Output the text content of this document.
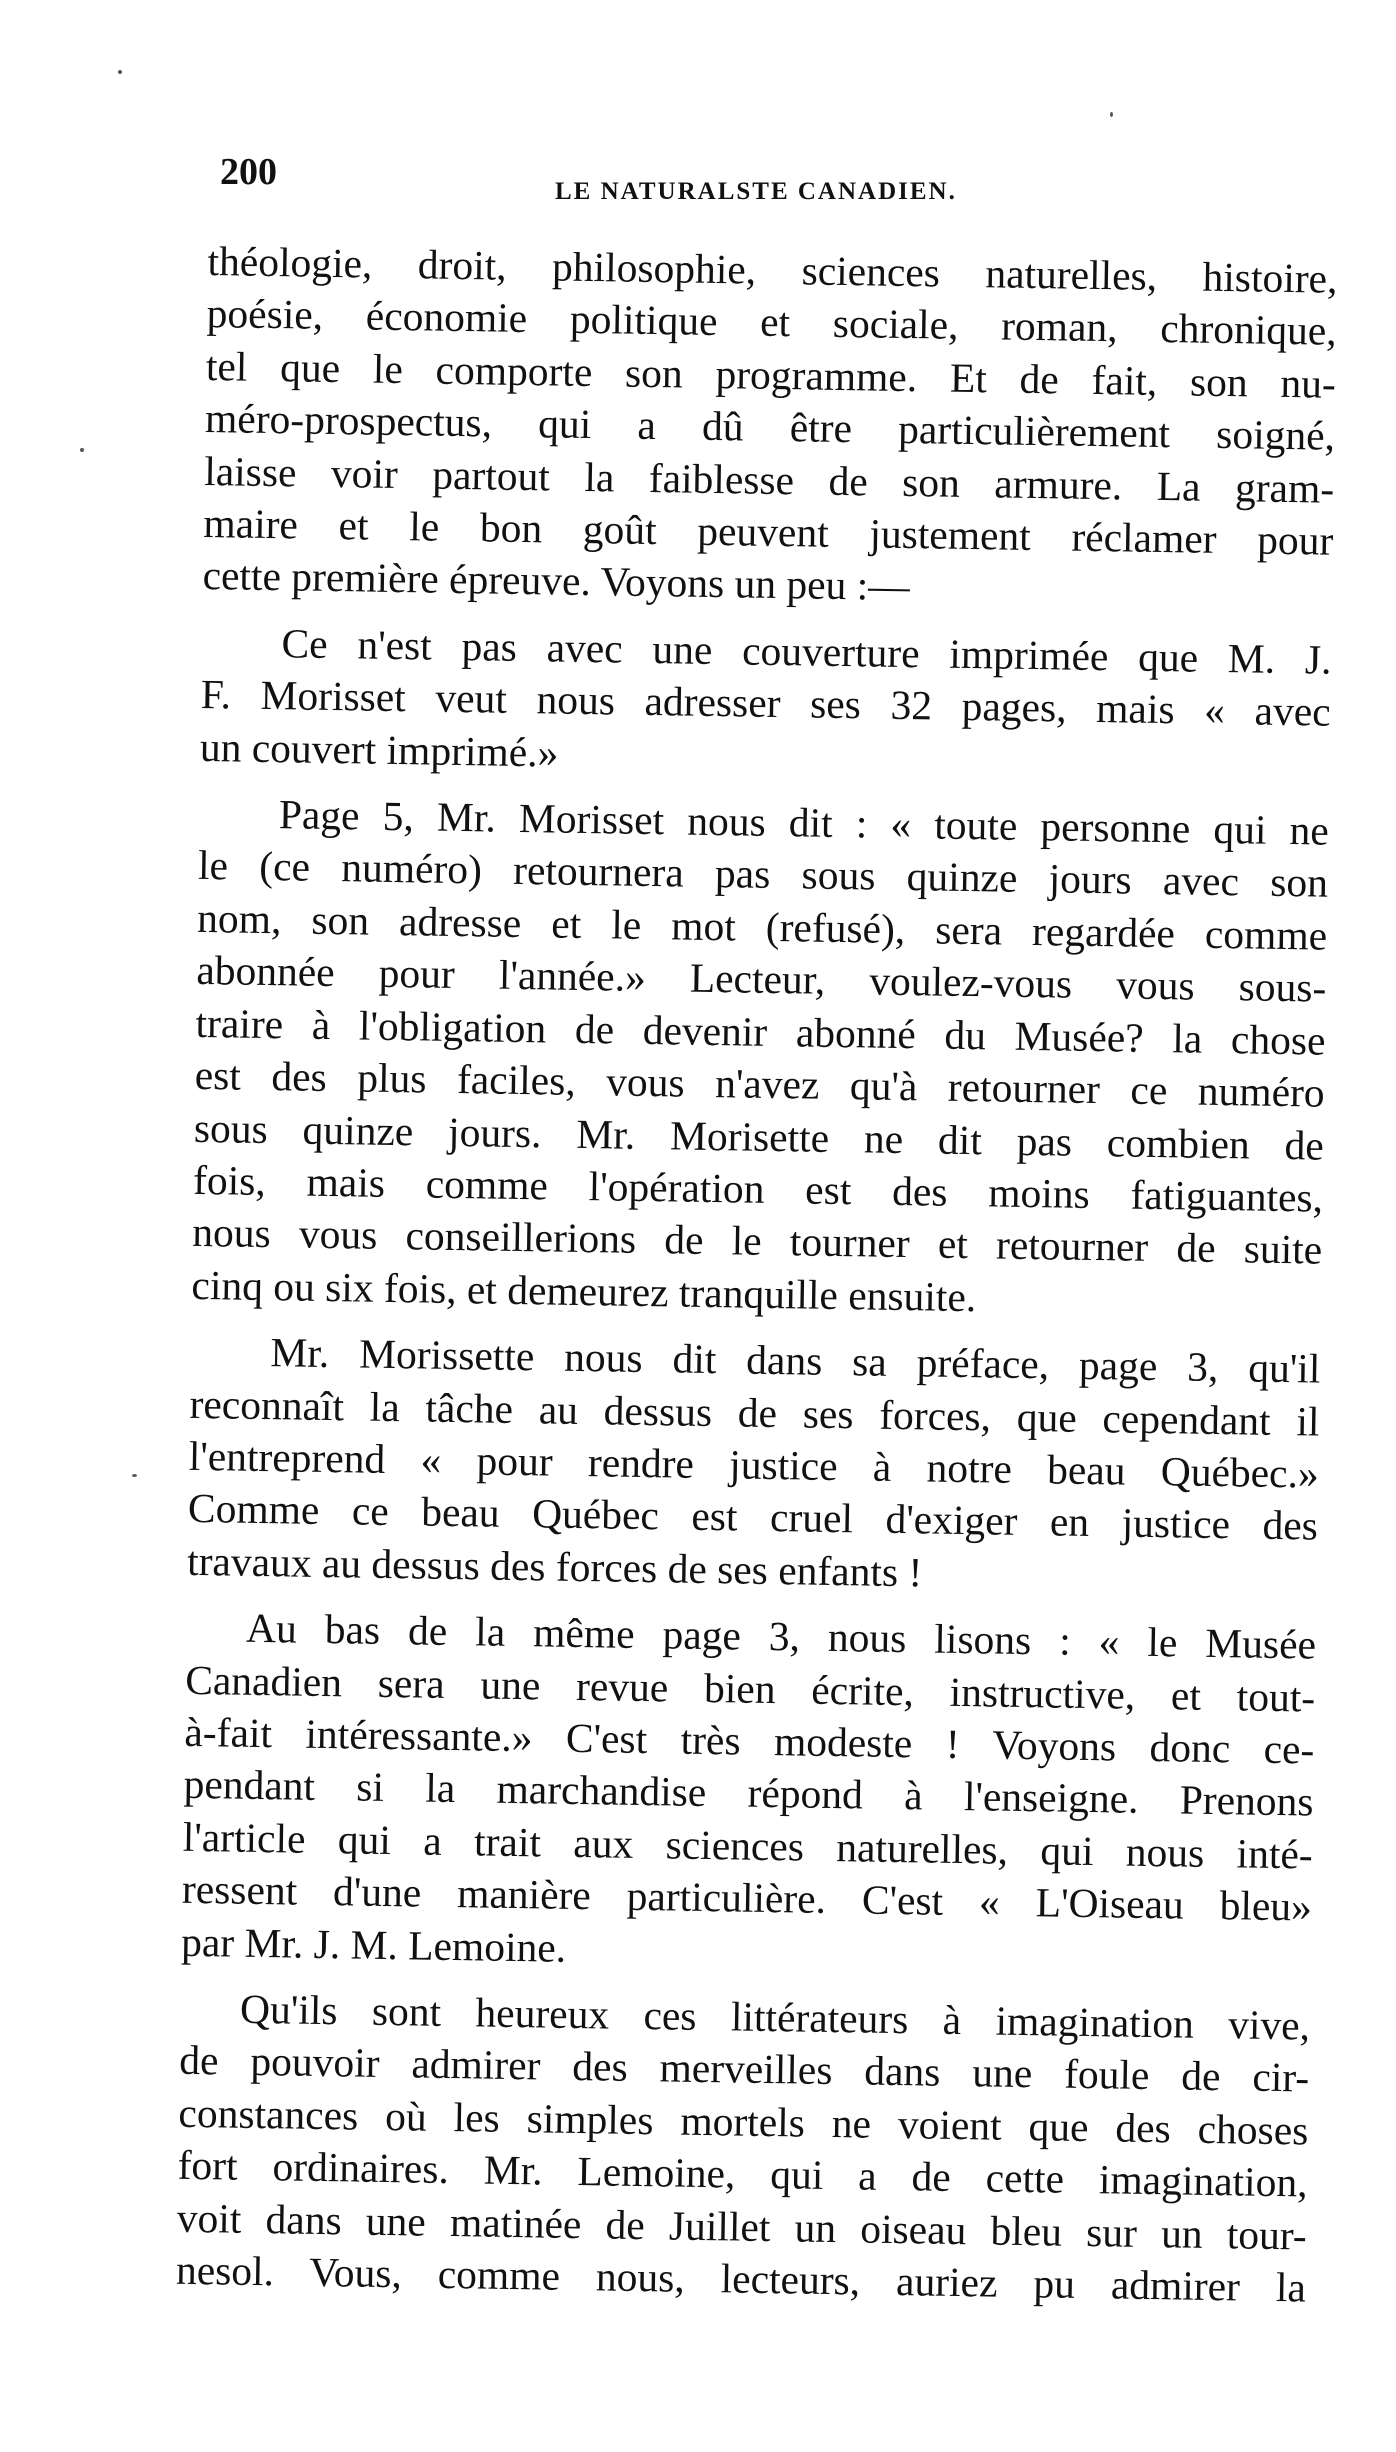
200	LE NATURALSTE CANADIEN.

théologie, droit, philosophie, sciences naturelles, histoire,
poésie, économie politique et sociale, roman, chronique,
tel que le comporte son programme. Et de fait, son nu-
méro-prospectus, qui a dû être particulièrement soigné,
laisse voir partout la faiblesse de son armure. La gram-
maire et le bon goût peuvent justement réclamer pour
cette première épreuve. Voyons un peu :—

Ce n'est pas avec une couverture imprimée que M. J.
F. Morisset veut nous adresser ses 32 pages, mais « avec
un couvert imprimé.»

Page 5, Mr. Morisset nous dit : « toute personne qui ne
le (ce numéro) retournera pas sous quinze jours avec son
nom, son adresse et le mot (refusé), sera regardée comme
abonnée pour l'année.» Lecteur, voulez-vous vous sous-
traire à l'obligation de devenir abonné du Musée? la chose
est des plus faciles, vous n'avez qu'à retourner ce numéro
sous quinze jours. Mr. Morisette ne dit pas combien de
fois, mais comme l'opération est des moins fatiguantes,
nous vous conseillerions de le tourner et retourner de suite
cinq ou six fois, et demeurez tranquille ensuite.

Mr. Morissette nous dit dans sa préface, page 3, qu'il
reconnaît la tâche au dessus de ses forces, que cependant il
l'entreprend « pour rendre justice à notre beau Québec.»
Comme ce beau Québec est cruel d'exiger en justice des
travaux au dessus des forces de ses enfants !

Au bas de la même page 3, nous lisons : « le Musée
Canadien sera une revue bien écrite, instructive, et tout-
à-fait intéressante.» C'est très modeste ! Voyons donc ce-
pendant si la marchandise répond à l'enseigne. Prenons
l'article qui a trait aux sciences naturelles, qui nous inté-
ressent d'une manière particulière. C'est « L'Oiseau bleu»
par Mr. J. M. Lemoine.

Qu'ils sont heureux ces littérateurs à imagination vive,
de pouvoir admirer des merveilles dans une foule de cir-
constances où les simples mortels ne voient que des choses
fort ordinaires. Mr. Lemoine, qui a de cette imagination,
voit dans une matinée de Juillet un oiseau bleu sur un tour-
nesol. Vous, comme nous, lecteurs, auriez pu admirer la
